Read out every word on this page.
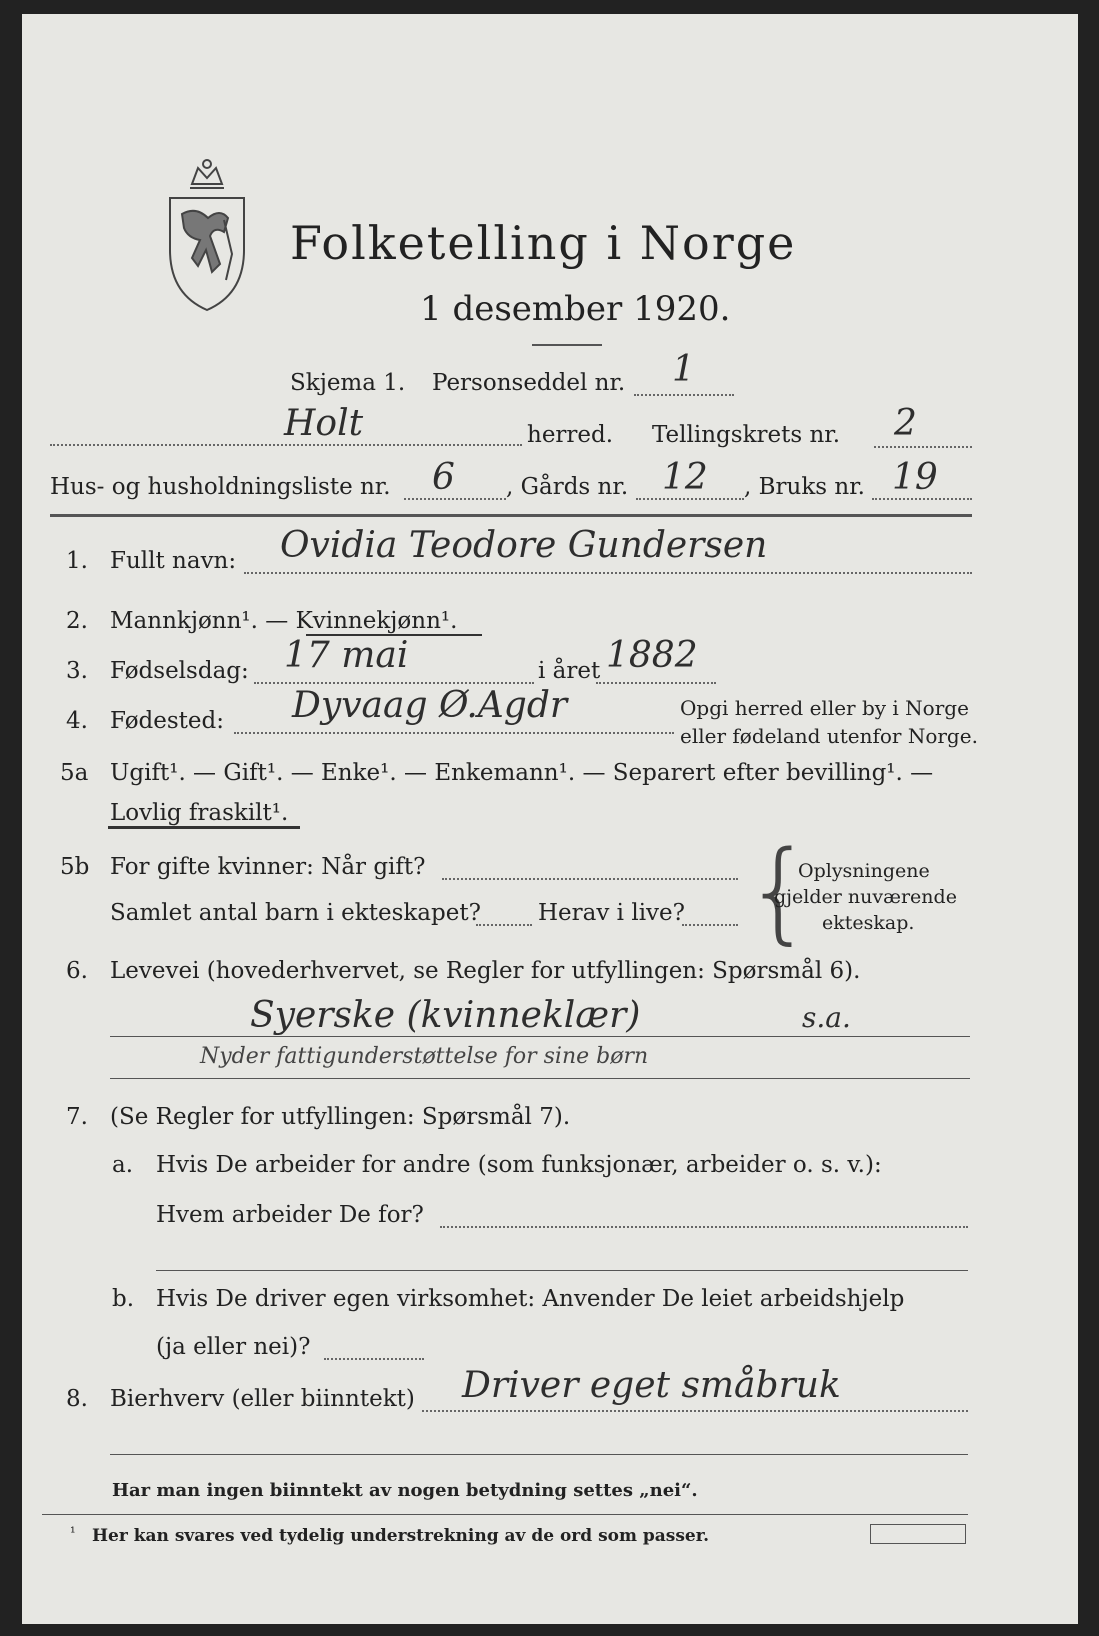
Folketelling i Norge
1 desember 1920.
Skjema 1. Personseddel nr. 1
Holt	herred. Tellingskrets nr. 2
Hus- og husholdningsliste nr. 6 , Gårds nr. 12 , Bruks nr. 19
1. Fullt navn: Ovidia Teodore Gundersen
2. Mannkjønn¹. — Kvinnekjønn¹.
3. Fødselsdag: 17 mai	i året 1882
4. Fødested: Dyvaag Ø.Agdr	Opgi herred eller by i Norge
eller fødeland utenfor Norge.
5a Ugift¹. — Gift¹. — Enke¹. — Enkemann¹. — Separert efter bevilling¹. —
Lovlig fraskilt¹.
5b For gifte kvinner: Når gift?
Samlet antal barn i ekteskapet? Herav i live? {
Oplysningene
gjelder nuværende
ekteskap.
6. Levevei (hovederhvervet, se Regler for utfyllingen: Spørsmål 6).
Syerske (kvinneklær)	s.a.
Nyder fattigunderstøttelse for sine børn
7. (Se Regler for utfyllingen: Spørsmål 7).
a. Hvis De arbeider for andre (som funksjonær, arbeider o. s. v.):
Hvem arbeider De for?
b. Hvis De driver egen virksomhet: Anvender De leiet arbeidshjelp
(ja eller nei)?
8. Bierhverv (eller biinntekt) Driver eget småbruk
Har man ingen biinntekt av nogen betydning settes „nei“.
¹ Her kan svares ved tydelig understrekning av de ord som passer.
